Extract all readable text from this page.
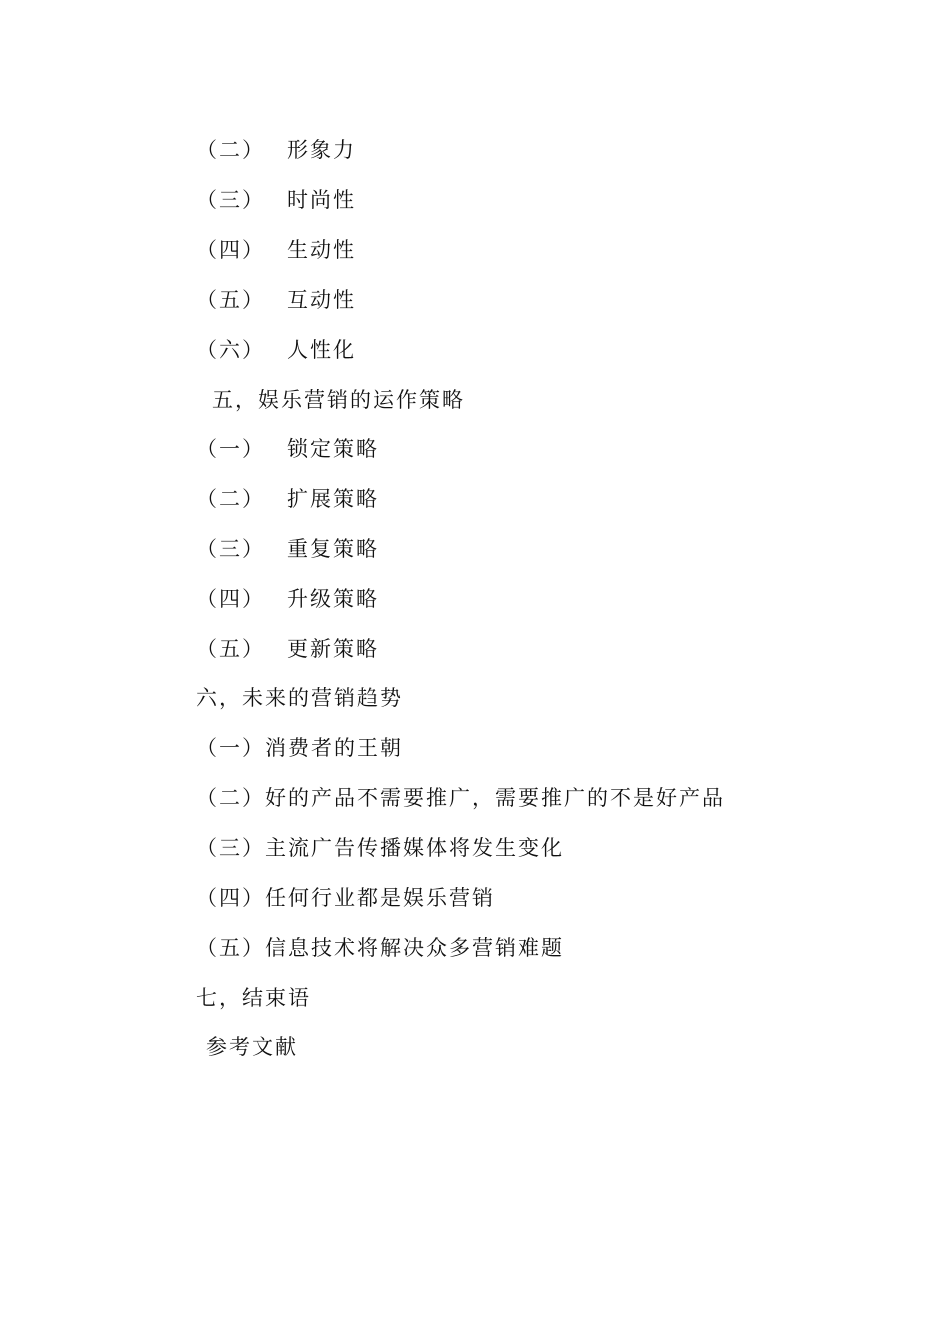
（二） 形象力
（三） 时尚性
（四） 生动性
（五） 互动性
（六） 人性化
五，娱乐营销的运作策略
（一） 锁定策略
（二） 扩展策略
（三） 重复策略
（四） 升级策略
（五） 更新策略
六，未来的营销趋势
（一）消费者的王朝
（二）好的产品不需要推广，需要推广的不是好产品
（三）主流广告传播媒体将发生变化
（四）任何行业都是娱乐营销
（五）信息技术将解决众多营销难题
七，结束语
参考文献
